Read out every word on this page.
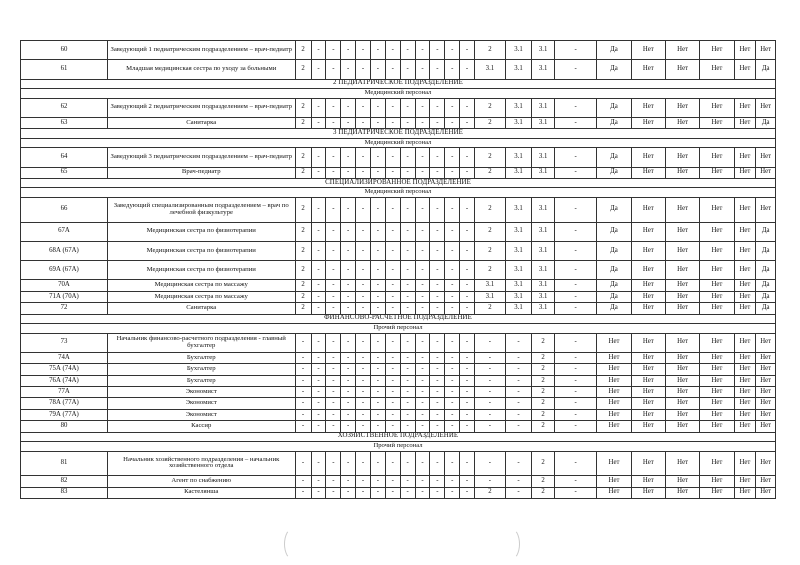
60	Заведующий 1 педиатрическим подразделением – врач-педиатр	2	-	-	-	-	-	-	-	-	-	-	-	2	3.1	3.1	-	Да	Нет	Нет	Нет	Нет	Нет
61	Младшая медицинская сестра по уходу за больными	2	-	-	-	-	-	-	-	-	-	-	-	3.1	3.1	3.1	-	Да	Нет	Нет	Нет	Нет	Да
2 ПЕДИАТРИЧЕСКОЕ ПОДРАЗДЕЛЕНИЕ																							
Медицинский персонал																							
62	Заведующий 2 педиатрическим подразделением – врач-педиатр	2	-	-	-	-	-	-	-	-	-	-	-	2	3.1	3.1	-	Да	Нет	Нет	Нет	Нет	Нет
63	Санитарка	2	-	-	-	-	-	-	-	-	-	-	-	2	3.1	3.1	-	Да	Нет	Нет	Нет	Нет	Да
3 ПЕДИАТРИЧЕСКОЕ ПОДРАЗДЕЛЕНИЕ																							
Медицинский персонал																							
64	Заведующий 3 педиатрическим подразделением – врач-педиатр	2	-	-	-	-	-	-	-	-	-	-	-	2	3.1	3.1	-	Да	Нет	Нет	Нет	Нет	Нет
65	Врач-педиатр	2	-	-	-	-	-	-	-	-	-	-	-	2	3.1	3.1	-	Да	Нет	Нет	Нет	Нет	Нет
СПЕЦИАЛИЗИРОВАННОЕ ПОДРАЗДЕЛЕНИЕ																							
Медицинский персонал																							
66	Заведующий специализированным подразделением – врач по лечебной физкультуре	2	-	-	-	-	-	-	-	-	-	-	-	2	3.1	3.1	-	Да	Нет	Нет	Нет	Нет	Нет
67А	Медицинская сестра по физиотерапии	2	-	-	-	-	-	-	-	-	-	-	-	2	3.1	3.1	-	Да	Нет	Нет	Нет	Нет	Да
68А (67А)	Медицинская сестра по физиотерапии	2	-	-	-	-	-	-	-	-	-	-	-	2	3.1	3.1	-	Да	Нет	Нет	Нет	Нет	Да
69А (67А)	Медицинская сестра по физиотерапии	2	-	-	-	-	-	-	-	-	-	-	-	2	3.1	3.1	-	Да	Нет	Нет	Нет	Нет	Да
70А	Медицинская сестра по массажу	2	-	-	-	-	-	-	-	-	-	-	-	3.1	3.1	3.1	-	Да	Нет	Нет	Нет	Нет	Да
71А (70А)	Медицинская сестра по массажу	2	-	-	-	-	-	-	-	-	-	-	-	3.1	3.1	3.1	-	Да	Нет	Нет	Нет	Нет	Да
72	Санитарка	2	-	-	-	-	-	-	-	-	-	-	-	2	3.1	3.1	-	Да	Нет	Нет	Нет	Нет	Да
ФИНАНСОВО-РАСЧЕТНОЕ ПОДРАЗДЕЛЕНИЕ																							
Прочий персонал																							
73	Начальник финансово-расчетного подразделения - главный бухгалтер	-	-	-	-	-	-	-	-	-	-	-	-	-	-	2	-	Нет	Нет	Нет	Нет	Нет	Нет
74А	Бухгалтер	-	-	-	-	-	-	-	-	-	-	-	-	-	-	2	-	Нет	Нет	Нет	Нет	Нет	Нет
75А (74А)	Бухгалтер	-	-	-	-	-	-	-	-	-	-	-	-	-	-	2	-	Нет	Нет	Нет	Нет	Нет	Нет
76А (74А)	Бухгалтер	-	-	-	-	-	-	-	-	-	-	-	-	-	-	2	-	Нет	Нет	Нет	Нет	Нет	Нет
77А	Экономист	-	-	-	-	-	-	-	-	-	-	-	-	-	-	2	-	Нет	Нет	Нет	Нет	Нет	Нет
78А (77А)	Экономист	-	-	-	-	-	-	-	-	-	-	-	-	-	-	2	-	Нет	Нет	Нет	Нет	Нет	Нет
79А (77А)	Экономист	-	-	-	-	-	-	-	-	-	-	-	-	-	-	2	-	Нет	Нет	Нет	Нет	Нет	Нет
80	Кассир	-	-	-	-	-	-	-	-	-	-	-	-	-	-	2	-	Нет	Нет	Нет	Нет	Нет	Нет
ХОЗЯЙСТВЕННОЕ ПОДРАЗДЕЛЕНИЕ																							
Прочий персонал																							
81	Начальник хозяйственного подразделения – начальник хозяйственного отдела	-	-	-	-	-	-	-	-	-	-	-	-	-	-	2	-	Нет	Нет	Нет	Нет	Нет	Нет
82	Агент по снабжению	-	-	-	-	-	-	-	-	-	-	-	-	-	-	2	-	Нет	Нет	Нет	Нет	Нет	Нет
83	Кастелянша	-	-	-	-	-	-	-	-	-	-	-	-	2	-	2	-	Нет	Нет	Нет	Нет	Нет	Нет
